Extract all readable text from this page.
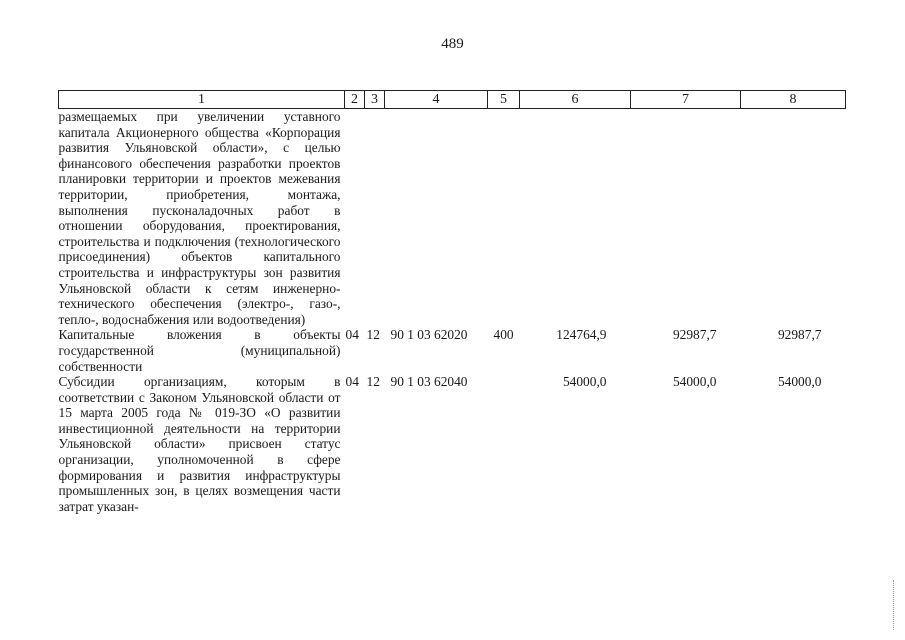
489
1	2	3	4	5	6	7	8
размещаемых при увеличении уставного капитала Акционерного общества «Корпорация развития Ульяновской области», с целью финансового обеспечения разработки проектов планировки территории и проектов межевания территории, приобретения, монтажа, выполнения пусконаладочных работ в отношении оборудования, проектирования, строительства и подключения (технологического присоединения) объектов капитального строительства и инфраструктуры зон развития Ульяновской области к сетям инженерно-технического обеспечения (электро-, газо-, тепло-, водоснабжения или водоотведения)							
Капитальные вложения в объекты государственной (муниципальной) собственности	04	12	90 1 03 62020	400	124764,9	92987,7	92987,7
Субсидии организациям, которым в соответствии с Законом Ульяновской области от 15 марта 2005 года № 019-ЗО «О развитии инвестиционной деятельности на территории Ульяновской области» присвоен статус организации, уполномоченной в сфере формирования и развития инфраструктуры промышленных зон, в целях возмещения части затрат указан-	04	12	90 1 03 62040		54000,0	54000,0	54000,0
